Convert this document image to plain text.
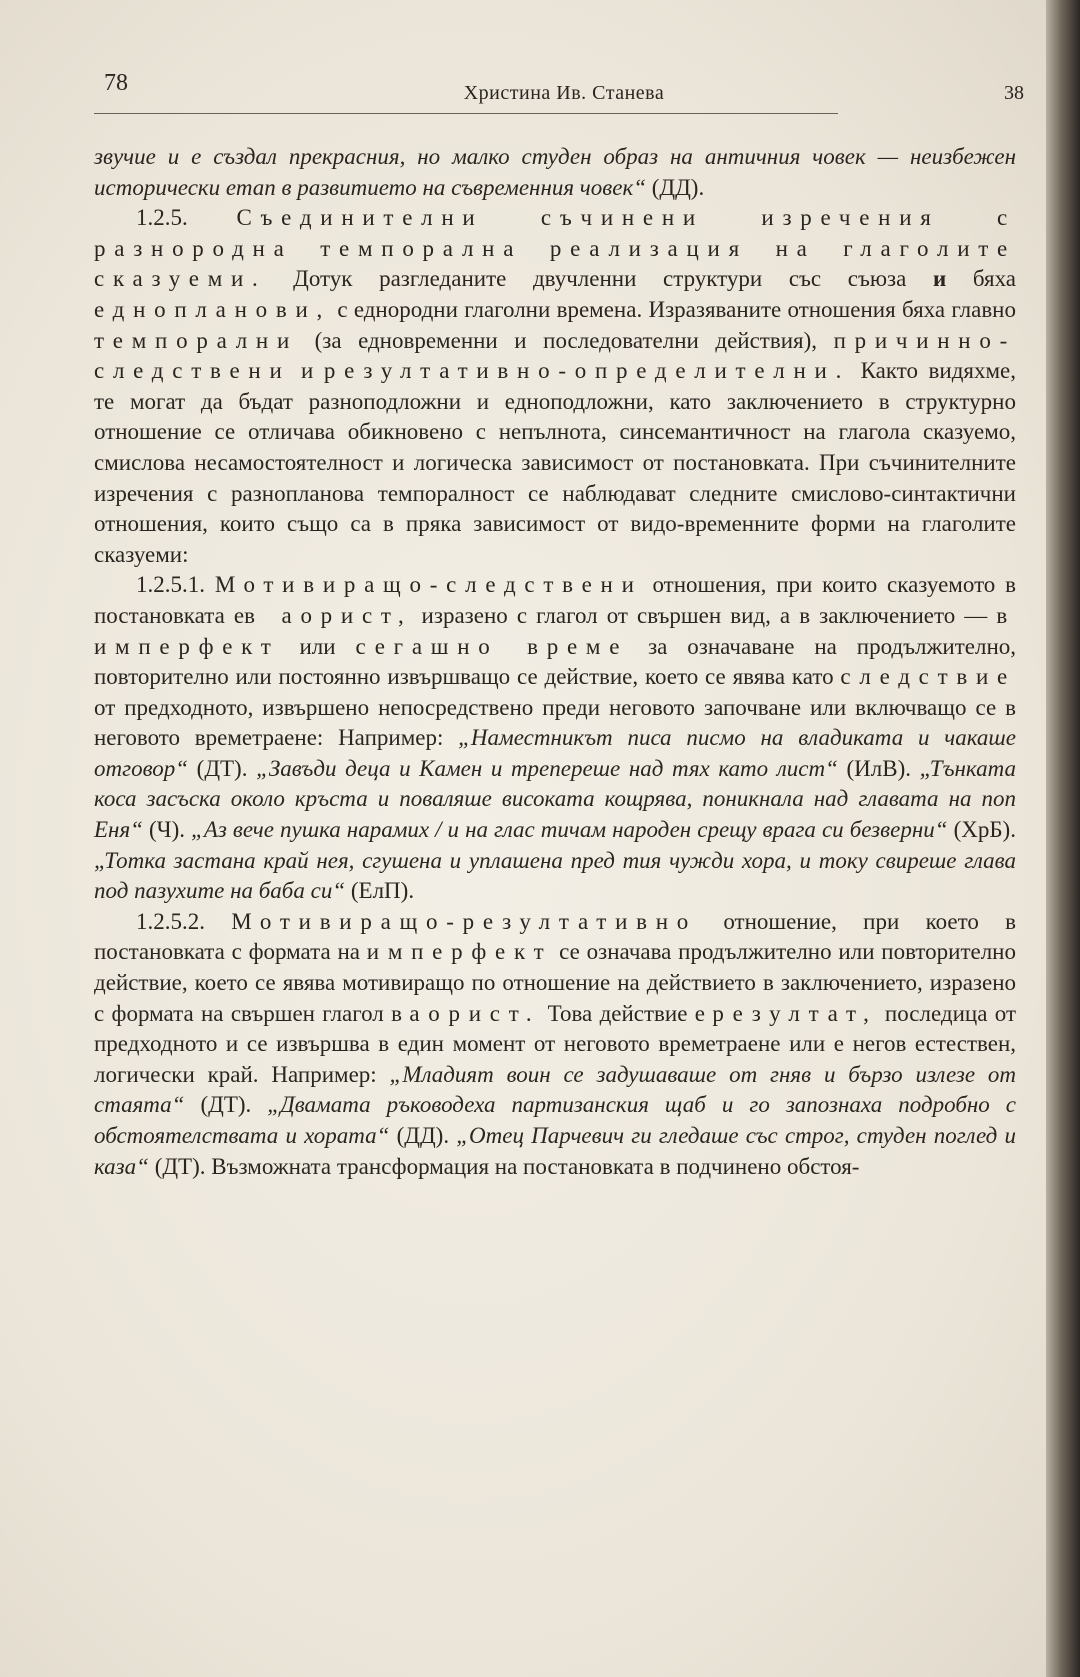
78	Христина Ив. Станева	38

звучие и е създал прекрасния, но малко студен образ на античния човек — неизбежен исторически етап в развитието на съвременния човек“ (ДД).

1.2.5. Съединителни съчинени изречения с разнородна темпорална реализация на глаголите сказуеми. Дотук разгледаните двучленни структури със съюза и бяха еднопланови, с еднородни глаголни времена. Изразяваните отношения бяха главно темпорални (за едновременни и последователни действия), причинно-следствени и резултативно-определителни. Както видяхме, те могат да бъдат разноподложни и едноподложни, като заключението в структурно отношение се отличава обикновено с непълнота, синсемантичност на глагола сказуемо, смислова несамостоятелност и логическа зависимост от постановката. При съчинителните изречения с разнопланова темпоралност се наблюдават следните смислово-синтактични отношения, които също са в пряка зависимост от видо-временните форми на глаголите сказуеми:

1.2.5.1. Мотивиращо-следствени отношения, при които сказуемото в постановката ев аорист, изразено с глагол от свършен вид, а в заключението — в имперфект или сегашно време за означаване на продължително, повторително или постоянно извършващо се действие, което се явява като следствие от предходното, извършено непосредствено преди неговото започване или включващо се в неговото времетраене: Например: „Наместникът писа писмо на владиката и чакаше отговор“ (ДТ). „Завъди деца и Камен и трепереше над тях като лист“ (ИлВ). „Тънката коса засъска около кръста и поваляше високата кощрява, поникнала над главата на поп Еня“ (Ч). „Аз вече пушка нарамих / и на глас тичам народен срещу врага си безверни“ (ХрБ). „Тотка застана край нея, сгушена и уплашена пред тия чужди хора, и току свиреше глава под пазухите на баба си“ (ЕлП).

1.2.5.2. Мотивиращо-резултативно отношение, при което в постановката с формата на имперфект се означава продължително или повторително действие, което се явява мотивиращо по отношение на действието в заключението, изразено с формата на свършен глагол в аорист. Това действие е резултат, последица от предходното и се извършва в един момент от неговото времетраене или е негов естествен, логически край. Например: „Младият воин се задушаваше от гняв и бързо излезе от стаята“ (ДТ). „Двамата ръководеха партизанския щаб и го запознаха подробно с обстоятелствата и хората“ (ДД). „Отец Парчевич ги гледаше със строг, студен поглед и каза“ (ДТ). Възможната трансформация на постановката в подчинено обстоя-
